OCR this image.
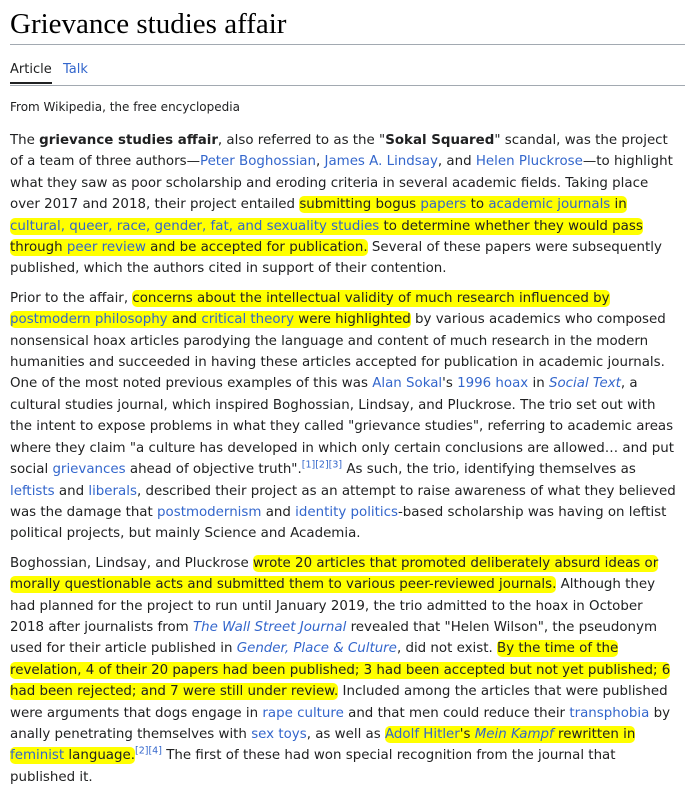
Grievance studies affair
Article Talk
From Wikipedia, the free encyclopedia

The grievance studies affair, also referred to as the "Sokal Squared" scandal, was the project of a team of three authors—Peter Boghossian, James A. Lindsay, and Helen Pluckrose—to highlight what they saw as poor scholarship and eroding criteria in several academic fields. Taking place over 2017 and 2018, their project entailed submitting bogus papers to academic journals in cultural, queer, race, gender, fat, and sexuality studies to determine whether they would pass through peer review and be accepted for publication. Several of these papers were subsequently published, which the authors cited in support of their contention.

Prior to the affair, concerns about the intellectual validity of much research influenced by postmodern philosophy and critical theory were highlighted by various academics who composed nonsensical hoax articles parodying the language and content of much research in the modern humanities and succeeded in having these articles accepted for publication in academic journals. One of the most noted previous examples of this was Alan Sokal's 1996 hoax in Social Text, a cultural studies journal, which inspired Boghossian, Lindsay, and Pluckrose. The trio set out with the intent to expose problems in what they called "grievance studies", referring to academic areas where they claim "a culture has developed in which only certain conclusions are allowed… and put social grievances ahead of objective truth".[1][2][3] As such, the trio, identifying themselves as leftists and liberals, described their project as an attempt to raise awareness of what they believed was the damage that postmodernism and identity politics-based scholarship was having on leftist political projects, but mainly Science and Academia.

Boghossian, Lindsay, and Pluckrose wrote 20 articles that promoted deliberately absurd ideas or morally questionable acts and submitted them to various peer-reviewed journals. Although they had planned for the project to run until January 2019, the trio admitted to the hoax in October 2018 after journalists from The Wall Street Journal revealed that "Helen Wilson", the pseudonym used for their article published in Gender, Place & Culture, did not exist. By the time of the revelation, 4 of their 20 papers had been published; 3 had been accepted but not yet published; 6 had been rejected; and 7 were still under review. Included among the articles that were published were arguments that dogs engage in rape culture and that men could reduce their transphobia by anally penetrating themselves with sex toys, as well as Adolf Hitler's Mein Kampf rewritten in feminist language.[2][4] The first of these had won special recognition from the journal that published it.
